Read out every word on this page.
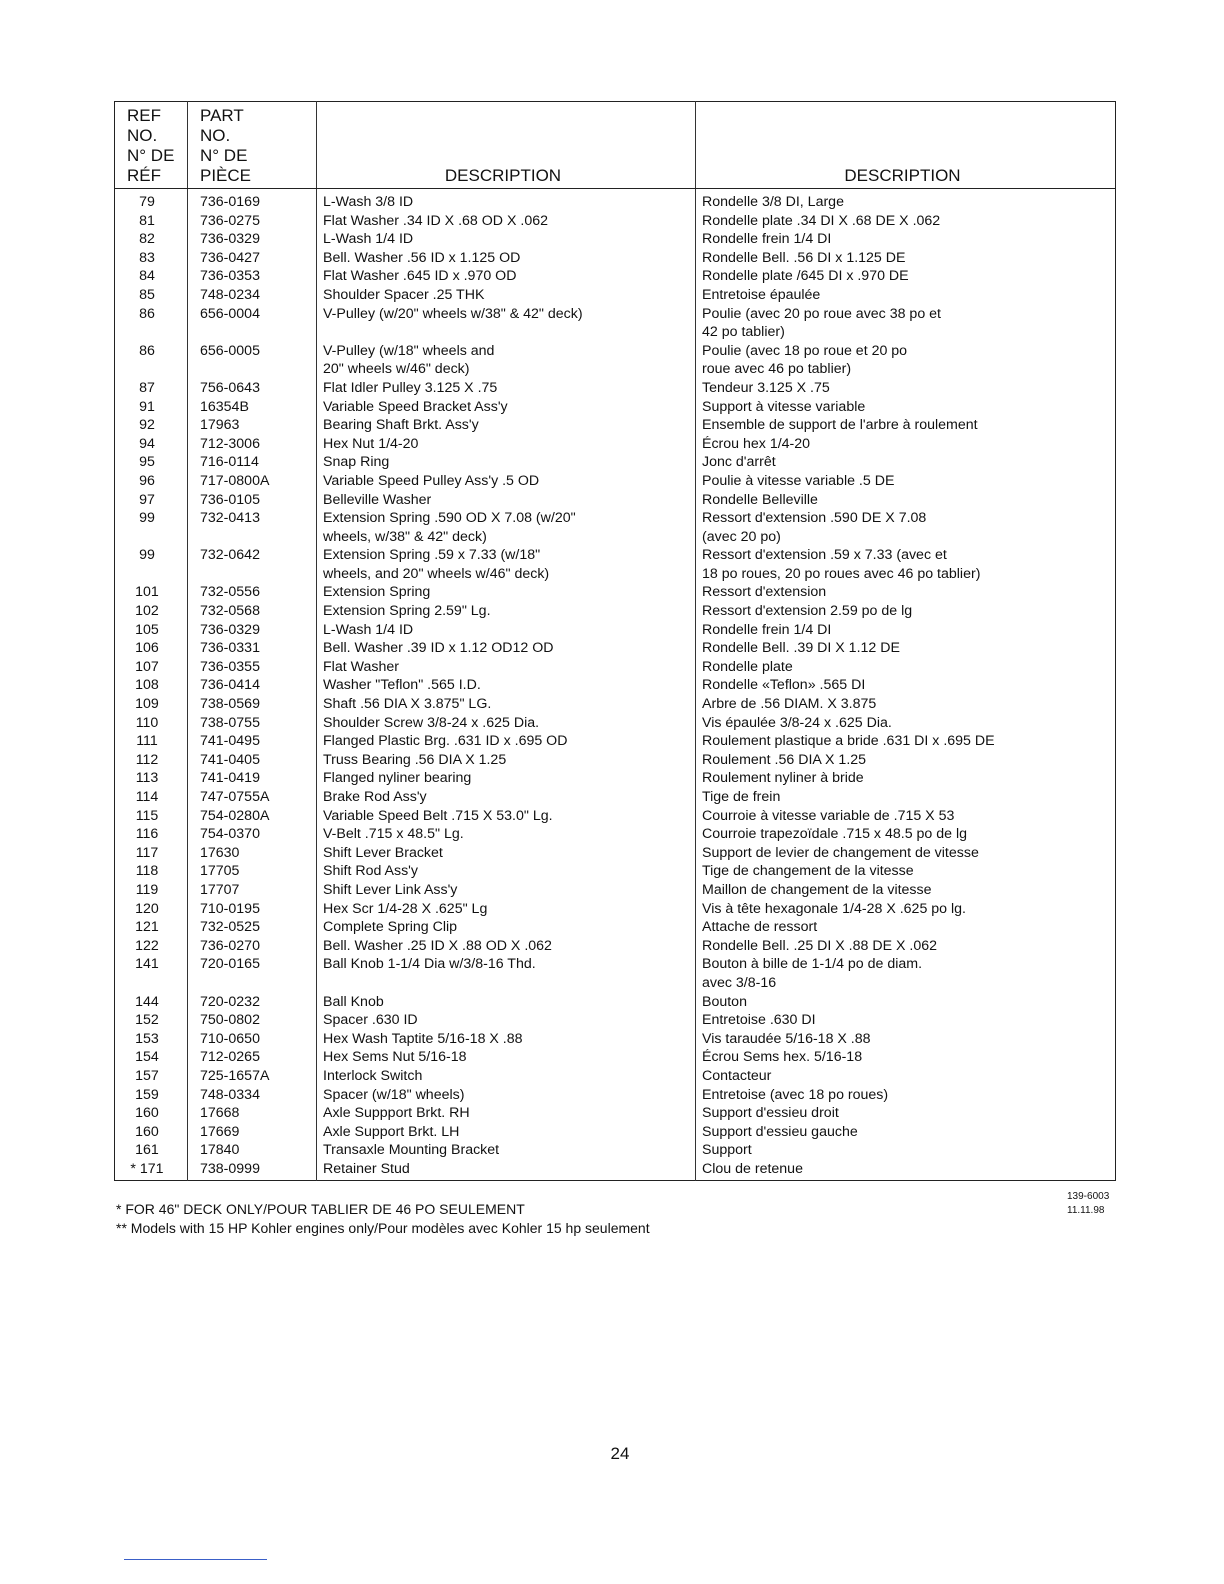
REF
NO.
N° DE
RÉF	PART
NO.
N° DE
PIÈCE	DESCRIPTION	DESCRIPTION
79	736-0169	L-Wash 3/8 ID	Rondelle 3/8 DI, Large
81	736-0275	Flat Washer .34 ID X .68 OD X .062	Rondelle plate .34 DI X .68 DE X .062
82	736-0329	L-Wash 1/4 ID	Rondelle frein 1/4 DI
83	736-0427	Bell. Washer .56 ID x 1.125 OD	Rondelle Bell. .56 DI x 1.125 DE
84	736-0353	Flat Washer .645 ID x .970 OD	Rondelle plate /645 DI x .970 DE
85	748-0234	Shoulder Spacer .25 THK	Entretoise épaulée
86	656-0004	V-Pulley (w/20" wheels w/38" & 42" deck)	Poulie (avec 20 po roue avec 38 po et
42 po tablier)
86	656-0005	V-Pulley (w/18" wheels and
20" wheels w/46" deck)	Poulie (avec 18 po roue et 20 po
roue avec 46 po tablier)
87	756-0643	Flat Idler Pulley 3.125 X .75	Tendeur 3.125 X .75
91	16354B	Variable Speed Bracket Ass'y	Support à vitesse variable
92	17963	Bearing Shaft Brkt. Ass'y	Ensemble de support de l'arbre à roulement
94	712-3006	Hex Nut 1/4-20	Écrou hex 1/4-20
95	716-0114	Snap Ring	Jonc d'arrêt
96	717-0800A	Variable Speed Pulley Ass'y .5 OD	Poulie à vitesse variable .5 DE
97	736-0105	Belleville Washer	Rondelle Belleville
99	732-0413	Extension Spring .590 OD X 7.08 (w/20"
wheels, w/38" & 42" deck)	Ressort d'extension .590 DE X 7.08
(avec 20 po)
99	732-0642	Extension Spring .59 x 7.33 (w/18"
wheels, and 20" wheels w/46" deck)	Ressort d'extension .59 x 7.33 (avec et
18 po roues, 20 po roues avec 46 po tablier)
101	732-0556	Extension Spring	Ressort d'extension
102	732-0568	Extension Spring 2.59" Lg.	Ressort d'extension 2.59 po de lg
105	736-0329	L-Wash 1/4 ID	Rondelle frein 1/4 DI
106	736-0331	Bell. Washer .39 ID x 1.12 OD12 OD	Rondelle Bell. .39 DI X 1.12 DE
107	736-0355	Flat Washer	Rondelle plate
108	736-0414	Washer "Teflon" .565 I.D.	Rondelle «Teflon» .565 DI
109	738-0569	Shaft .56 DIA X 3.875" LG.	Arbre de .56 DIAM. X 3.875
110	738-0755	Shoulder Screw 3/8-24 x .625 Dia.	Vis épaulée 3/8-24 x .625 Dia.
111	741-0495	Flanged Plastic Brg. .631 ID x .695 OD	Roulement plastique a bride .631 DI x .695 DE
112	741-0405	Truss Bearing .56 DIA X 1.25	Roulement .56 DIA X 1.25
113	741-0419	Flanged nyliner bearing	Roulement nyliner à bride
114	747-0755A	Brake Rod Ass'y	Tige de frein
115	754-0280A	Variable Speed Belt .715 X 53.0" Lg.	Courroie à vitesse variable de .715 X 53
116	754-0370	V-Belt .715 x 48.5" Lg.	Courroie trapezoïdale .715 x 48.5 po de lg
117	17630	Shift Lever Bracket	Support de levier de changement de vitesse
118	17705	Shift Rod Ass'y	Tige de changement de la vitesse
119	17707	Shift Lever Link Ass'y	Maillon de changement de la vitesse
120	710-0195	Hex Scr 1/4-28 X .625" Lg	Vis à tête hexagonale 1/4-28 X .625 po lg.
121	732-0525	Complete Spring Clip	Attache de ressort
122	736-0270	Bell. Washer .25 ID X .88 OD X .062	Rondelle Bell. .25 DI X .88 DE X .062
141	720-0165	Ball Knob 1-1/4 Dia w/3/8-16 Thd.	Bouton à bille de 1-1/4 po de diam.
avec 3/8-16
144	720-0232	Ball Knob	Bouton
152	750-0802	Spacer .630 ID	Entretoise .630 DI
153	710-0650	Hex Wash Taptite 5/16-18 X .88	Vis taraudée 5/16-18 X .88
154	712-0265	Hex Sems Nut 5/16-18	Écrou Sems hex. 5/16-18
157	725-1657A	Interlock Switch	Contacteur
159	748-0334	Spacer (w/18" wheels)	Entretoise (avec 18 po roues)
160	17668	Axle Suppport Brkt. RH	Support d'essieu droit
160	17669	Axle Support Brkt. LH	Support d'essieu gauche
161	17840	Transaxle Mounting Bracket	Support
* 171	738-0999	Retainer Stud	Clou de retenue
* FOR 46" DECK ONLY/POUR TABLIER DE 46 PO SEULEMENT
** Models with 15 HP Kohler engines only/Pour modèles avec Kohler 15 hp seulement
139-6003
11.11.98
24
